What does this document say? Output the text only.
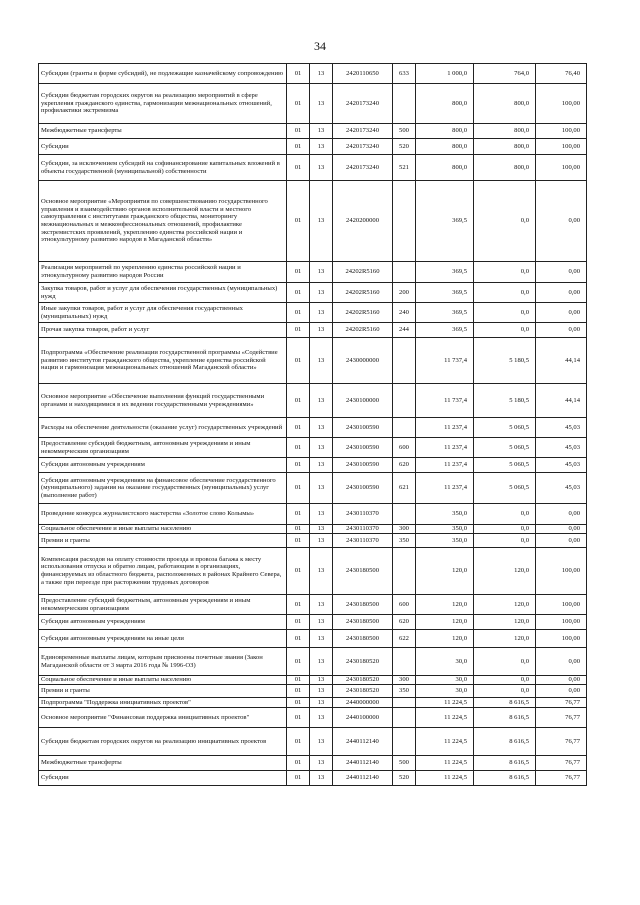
34
Субсидии (гранты в форме субсидий), не подлежащие казначейскому сопровождению	01	13	2420110650	633	1 000,0	764,0	76,40
Субсидии бюджетам городских округов на реализацию мероприятий в сфере укрепления гражданского единства, гармонизации межнациональных отношений, профилактики экстремизма	01	13	2420173240		800,0	800,0	100,00
Межбюджетные трансферты	01	13	2420173240	500	800,0	800,0	100,00
Субсидии	01	13	2420173240	520	800,0	800,0	100,00
Субсидии, за исключением субсидий на софинансирование капитальных вложений в объекты государственной (муниципальной) собственности	01	13	2420173240	521	800,0	800,0	100,00
Основное мероприятие «Мероприятия по совершенствованию государственного управления и взаимодействию органов исполнительной власти и местного самоуправления с институтами гражданского общества, мониторингу межнациональных и межконфессиональных отношений, профилактике экстремистских проявлений, укреплению единства российской нации и этнокультурному развитию народов в Магаданской области»	01	13	2420200000		369,5	0,0	0,00
Реализация мероприятий по укреплению единства российской нации и этнокультурному развитию народов России	01	13	24202R5160		369,5	0,0	0,00
Закупка товаров, работ и услуг для обеспечения государственных (муниципальных) нужд	01	13	24202R5160	200	369,5	0,0	0,00
Иные закупки товаров, работ и услуг для обеспечения государственных (муниципальных) нужд	01	13	24202R5160	240	369,5	0,0	0,00
Прочая закупка товаров, работ и услуг	01	13	24202R5160	244	369,5	0,0	0,00
Подпрограмма «Обеспечение реализации государственной программы «Содействие развитию институтов гражданского общества, укрепление единства российской нации и гармонизация межнациональных отношений Магаданской области»	01	13	2430000000		11 737,4	5 180,5	44,14
Основное мероприятие «Обеспечение выполнения функций государственными органами и находящимися в их ведении государственными учреждениями»	01	13	2430100000		11 737,4	5 180,5	44,14
Расходы на обеспечение деятельности (оказание услуг) государственных учреждений	01	13	2430100590		11 237,4	5 060,5	45,03
Предоставление субсидий бюджетным, автономным учреждениям и иным некоммерческим организациям	01	13	2430100590	600	11 237,4	5 060,5	45,03
Субсидии автономным учреждениям	01	13	2430100590	620	11 237,4	5 060,5	45,03
Субсидии автономным учреждениям на финансовое обеспечение государственного (муниципального) задания на оказание государственных (муниципальных) услуг (выполнение работ)	01	13	2430100590	621	11 237,4	5 060,5	45,03
Проведение конкурса журналистского мастерства «Золотое слово Колымы»	01	13	2430110370		350,0	0,0	0,00
Социальное обеспечение и иные выплаты населению	01	13	2430110370	300	350,0	0,0	0,00
Премии и гранты	01	13	2430110370	350	350,0	0,0	0,00
Компенсация расходов на оплату стоимости проезда и провоза багажа к месту использования отпуска и обратно лицам, работающим в организациях, финансируемых из областного бюджета, расположенных в районах Крайнего Севера, а также при переезде при расторжении трудовых договоров	01	13	2430180500		120,0	120,0	100,00
Предоставление субсидий бюджетным, автономным учреждениям и иным некоммерческим организациям	01	13	2430180500	600	120,0	120,0	100,00
Субсидии автономным учреждениям	01	13	2430180500	620	120,0	120,0	100,00
Субсидии автономным учреждениям на иные цели	01	13	2430180500	622	120,0	120,0	100,00
Единовременные выплаты лицам, которым присвоены почетные звания (Закон Магаданской области от 3 марта 2016 года № 1996-ОЗ)	01	13	2430180520		30,0	0,0	0,00
Социальное обеспечение и иные выплаты населению	01	13	2430180520	300	30,0	0,0	0,00
Премии и гранты	01	13	2430180520	350	30,0	0,0	0,00
Подпрограмма "Поддержка инициативных проектов"	01	13	2440000000		11 224,5	8 616,5	76,77
Основное мероприятие "Финансовая поддержка инициативных проектов"	01	13	2440100000		11 224,5	8 616,5	76,77
Субсидии бюджетам городских округов на реализацию инициативных проектов	01	13	2440112140		11 224,5	8 616,5	76,77
Межбюджетные трансферты	01	13	2440112140	500	11 224,5	8 616,5	76,77
Субсидии	01	13	2440112140	520	11 224,5	8 616,5	76,77
